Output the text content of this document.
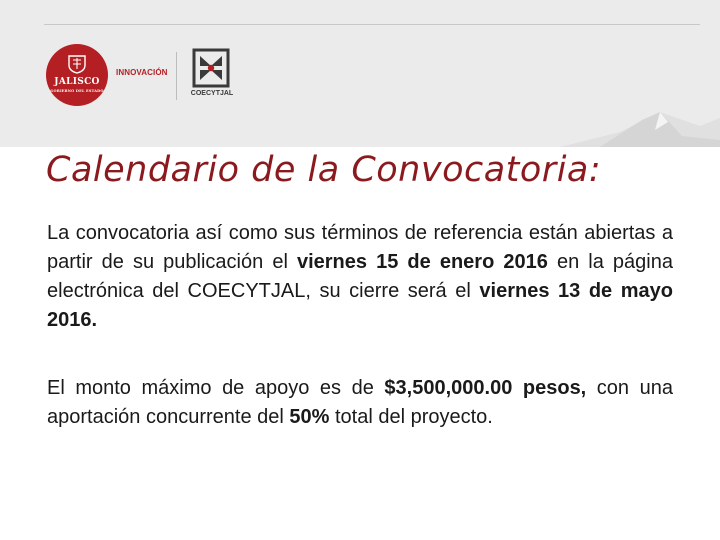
JALISCO
GOBIERNO DEL ESTADO
INNOVACIÓN
COECYTJAL
Calendario de la Convocatoria:

La convocatoria así como sus términos de referencia están abiertas a partir de su publicación el viernes 15 de enero 2016 en la página electrónica del COECYTJAL, su cierre será el viernes 13 de mayo 2016.

El monto máximo de apoyo es de $3,500,000.00 pesos, con una aportación concurrente del 50% total del proyecto.
